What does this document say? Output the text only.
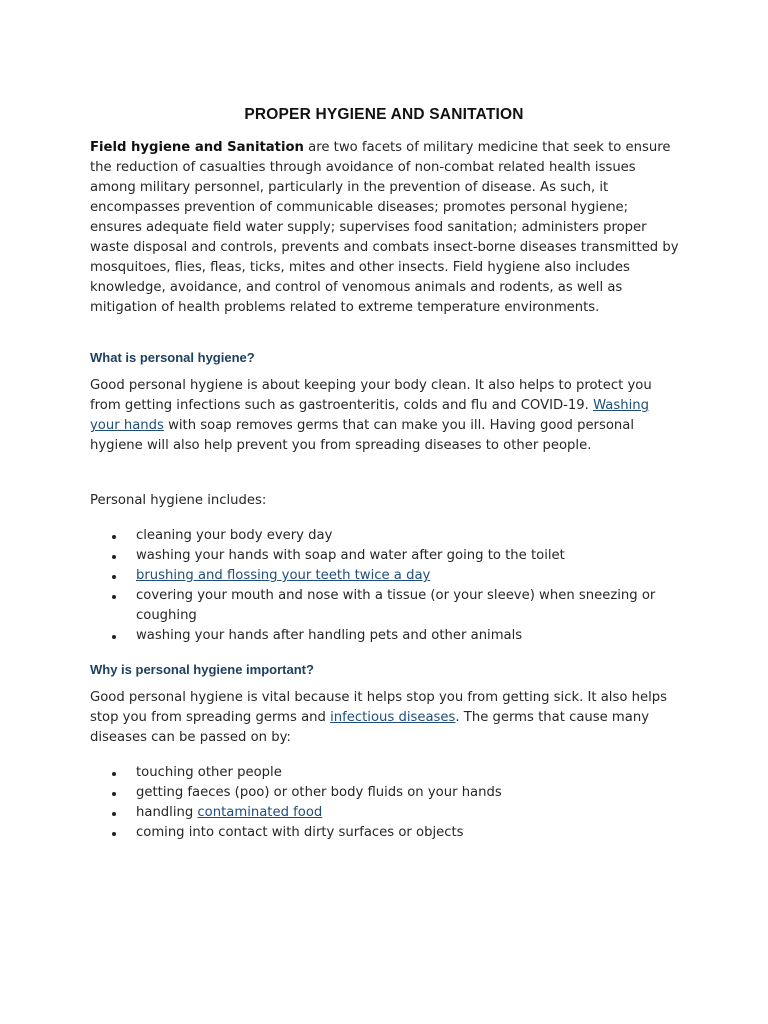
PROPER HYGIENE AND SANITATION

Field hygiene and Sanitation are two facets of military medicine that seek to ensure the reduction of casualties through avoidance of non-combat related health issues among military personnel, particularly in the prevention of disease. As such, it encompasses prevention of communicable diseases; promotes personal hygiene; ensures adequate field water supply; supervises food sanitation; administers proper waste disposal and controls, prevents and combats insect-borne diseases transmitted by mosquitoes, flies, fleas, ticks, mites and other insects. Field hygiene also includes knowledge, avoidance, and control of venomous animals and rodents, as well as mitigation of health problems related to extreme temperature environments.

What is personal hygiene?

Good personal hygiene is about keeping your body clean. It also helps to protect you from getting infections such as gastroenteritis, colds and flu and COVID-19. Washing your hands with soap removes germs that can make you ill. Having good personal hygiene will also help prevent you from spreading diseases to other people.

Personal hygiene includes:

cleaning your body every day
washing your hands with soap and water after going to the toilet
brushing and flossing your teeth twice a day
covering your mouth and nose with a tissue (or your sleeve) when sneezing or coughing
washing your hands after handling pets and other animals
Why is personal hygiene important?

Good personal hygiene is vital because it helps stop you from getting sick. It also helps stop you from spreading germs and infectious diseases. The germs that cause many diseases can be passed on by:

touching other people
getting faeces (poo) or other body fluids on your hands
handling contaminated food
coming into contact with dirty surfaces or objects
